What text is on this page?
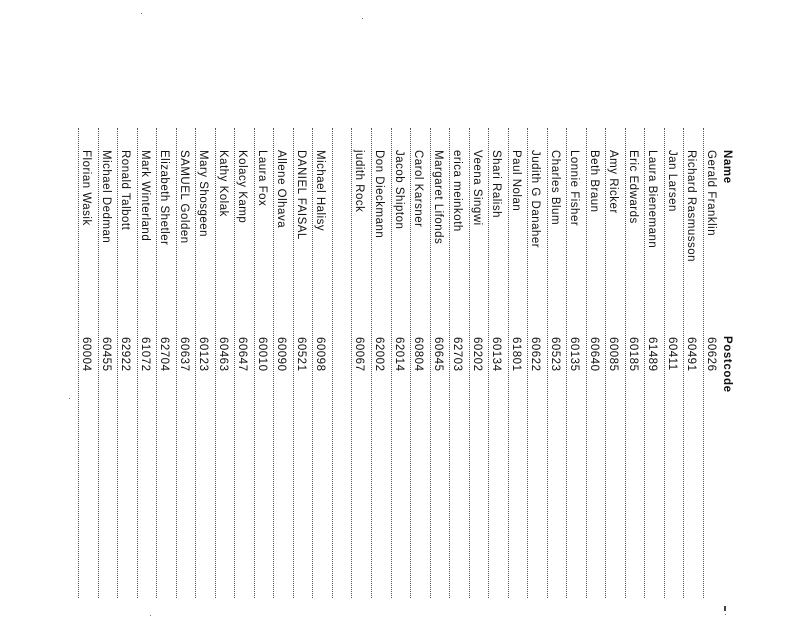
Name
Postcode
Gerald Franklin
60626
Richard Rasmusson
60491
Jan Larsen
60411
Laura Bienemann
61489
Eric Edwards
60185
Amy Ricker
60085
Beth Braun
60640
Lonnie Fisher
60135
Charles Blum
60523
Judith G Danaher
60622
Paul Nolan
61801
Shari Ralish
60134
Veena Singwi
60202
erica meinkoth
62703
Margaret Lifonds
60645
Carol Karsner
60804
Jacob Shipton
62014
Don Dieckmann
62002
judith Rock
60067
Michael Halisy
60098
DANIEL FAISAL
60521
Allene Olhava
60090
Laura Fox
60010
Kolacy Kamp
60647
Kathy Kolak
60463
Mary Shosgeen
60123
SAMUEL Golden
60637
Elizabeth Shetler
62704
Mark Winterland
61072
Ronald Talbott
62922
Michael Dedman
60455
Florian Wasik
60004
